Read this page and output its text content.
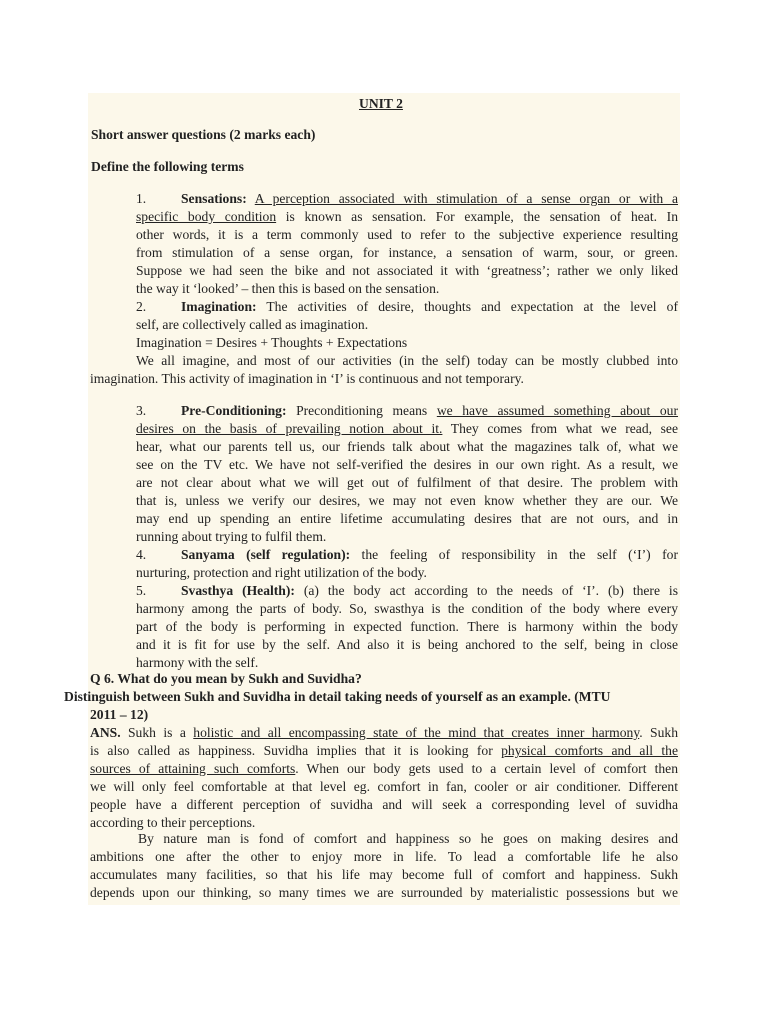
UNIT 2
Short answer questions (2 marks each)
Define the following terms
1.	Sensations: A perception associated with stimulation of a sense organ or with a
specific body condition is known as sensation. For example, the sensation of heat. In
other words, it is a term commonly used to refer to the subjective experience resulting
from stimulation of a sense organ, for instance, a sensation of warm, sour, or green.
Suppose we had seen the bike and not associated it with ‘greatness’; rather we only liked
the way it ‘looked’ – then this is based on the sensation.
2.	Imagination: The activities of desire, thoughts and expectation at the level of
self, are collectively called as imagination.
Imagination = Desires + Thoughts + Expectations
We all imagine, and most of our activities (in the self) today can be mostly clubbed into
imagination. This activity of imagination in ‘I’ is continuous and not temporary.
3.	Pre-Conditioning: Preconditioning means we have assumed something about our
desires on the basis of prevailing notion about it. They comes from what we read, see
hear, what our parents tell us, our friends talk about what the magazines talk of, what we
see on the TV etc. We have not self-verified the desires in our own right. As a result, we
are not clear about what we will get out of fulfilment of that desire. The problem with
that is, unless we verify our desires, we may not even know whether they are our. We
may end up spending an entire lifetime accumulating desires that are not ours, and in
running about trying to fulfil them.
4.	Sanyama (self regulation): the feeling of responsibility in the self (‘I’) for
nurturing, protection and right utilization of the body.
5.	Svasthya (Health): (a) the body act according to the needs of ‘I’. (b) there is
harmony among the parts of body. So, swasthya is the condition of the body where every
part of the body is performing in expected function. There is harmony within the body
and it is fit for use by the self. And also it is being anchored to the self, being in close
harmony with the self.
Q 6. What do you mean by Sukh and Suvidha?
Distinguish between Sukh and Suvidha in detail taking needs of yourself as an example. (MTU
2011 – 12)
ANS. Sukh is a holistic and all encompassing state of the mind that creates inner harmony. Sukh
is also called as happiness. Suvidha implies that it is looking for physical comforts and all the
sources of attaining such comforts. When our body gets used to a certain level of comfort then
we will only feel comfortable at that level eg. comfort in fan, cooler or air conditioner. Different
people have a different perception of suvidha and will seek a corresponding level of suvidha
according to their perceptions.
By nature man is fond of comfort and happiness so he goes on making desires and
ambitions one after the other to enjoy more in life. To lead a comfortable life he also
accumulates many facilities, so that his life may become full of comfort and happiness. Sukh
depends upon our thinking, so many times we are surrounded by materialistic possessions but we
